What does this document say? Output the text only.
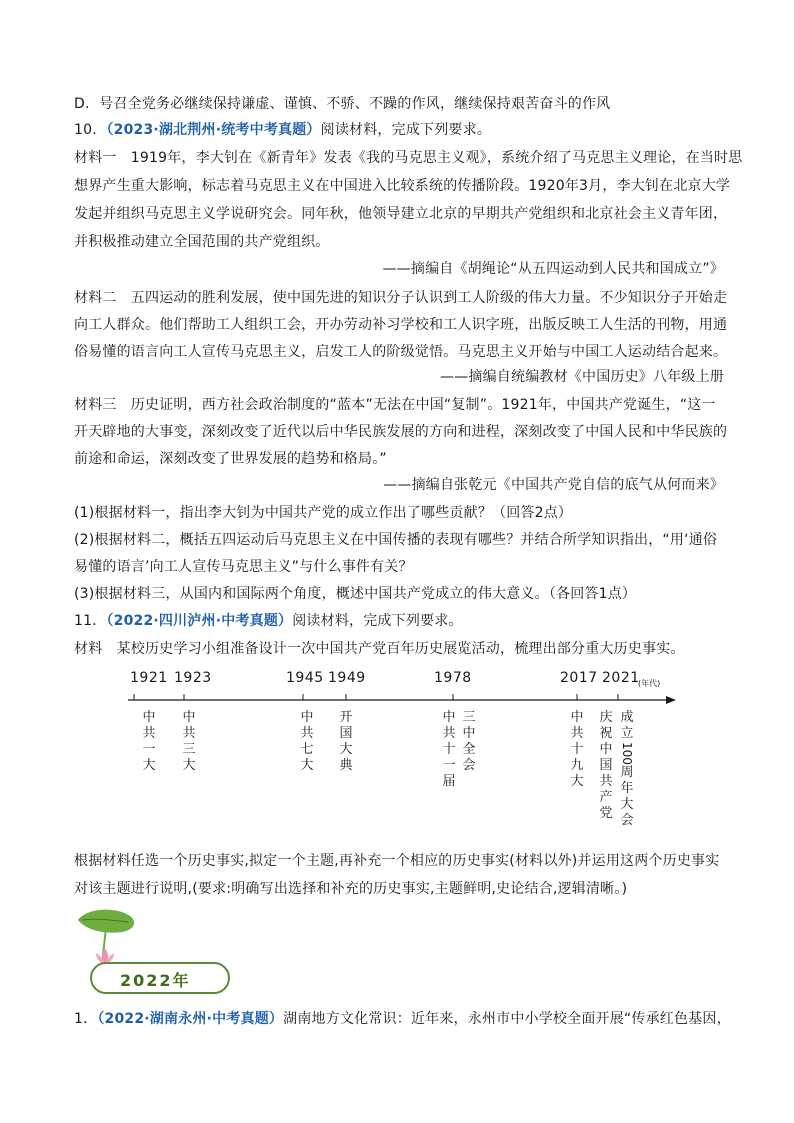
D．号召全党务必继续保持谦虚、谨慎、不骄、不躁的作风，继续保持艰苦奋斗的作风

10．（2023·湖北荆州·统考中考真题）阅读材料，完成下列要求。

材料一　1919年，李大钊在《新青年》发表《我的马克思主义观》，系统介绍了马克思主义理论，在当时思

想界产生重大影响，标志着马克思主义在中国进入比较系统的传播阶段。1920年3月，李大钊在北京大学

发起并组织马克思主义学说研究会。同年秋，他领导建立北京的早期共产党组织和北京社会主义青年团，

并积极推动建立全国范围的共产党组织。

——摘编自《胡绳论“从五四运动到人民共和国成立”》

材料二　五四运动的胜利发展，使中国先进的知识分子认识到工人阶级的伟大力量。不少知识分子开始走

向工人群众。他们帮助工人组织工会，开办劳动补习学校和工人识字班，出版反映工人生活的刊物，用通

俗易懂的语言向工人宣传马克思主义，启发工人的阶级觉悟。马克思主义开始与中国工人运动结合起来。

——摘编自统编教材《中国历史》八年级上册

材料三　历史证明，西方社会政治制度的“蓝本”无法在中国“复制”。1921年，中国共产党诞生，“这一

开天辟地的大事变，深刻改变了近代以后中华民族发展的方向和进程，深刻改变了中国人民和中华民族的

前途和命运，深刻改变了世界发展的趋势和格局。”

——摘编自张乾元《中国共产党自信的底气从何而来》

(1)根据材料一，指出李大钊为中国共产党的成立作出了哪些贡献？（回答2点）

(2)根据材料二，概括五四运动后马克思主义在中国传播的表现有哪些？并结合所学知识指出，“用‘通俗

易懂的语言’向工人宣传马克思主义”与什么事件有关？

(3)根据材料三，从国内和国际两个角度，概述中国共产党成立的伟大意义。（各回答1点）

11．（2022·四川泸州·中考真题）阅读材料，完成下列要求。

材料　某校历史学习小组准备设计一次中国共产党百年历史展览活动，梳理出部分重大历史事实。

1921 1923	1945 1949	1978	2017 2021
(年代)
中
共
一
大
中
共
三
大
中
共
七
大
开
国
大
典
中
共
十
一
届
三
中
全
会
中
共
十
九
大
庆
祝
中
国
共
产
党
成
立
100
周
年
大
会

根据材料任选一个历史事实,拟定一个主题,再补充一个相应的历史事实(材料以外)并运用这两个历史事实

对该主题进行说明,(要求:明确写出选择和补充的历史事实,主题鲜明,史论结合,逻辑清晰。)

2022年

1．（2022·湖南永州·中考真题）湖南地方文化常识：近年来，永州市中小学校全面开展“传承红色基因，
